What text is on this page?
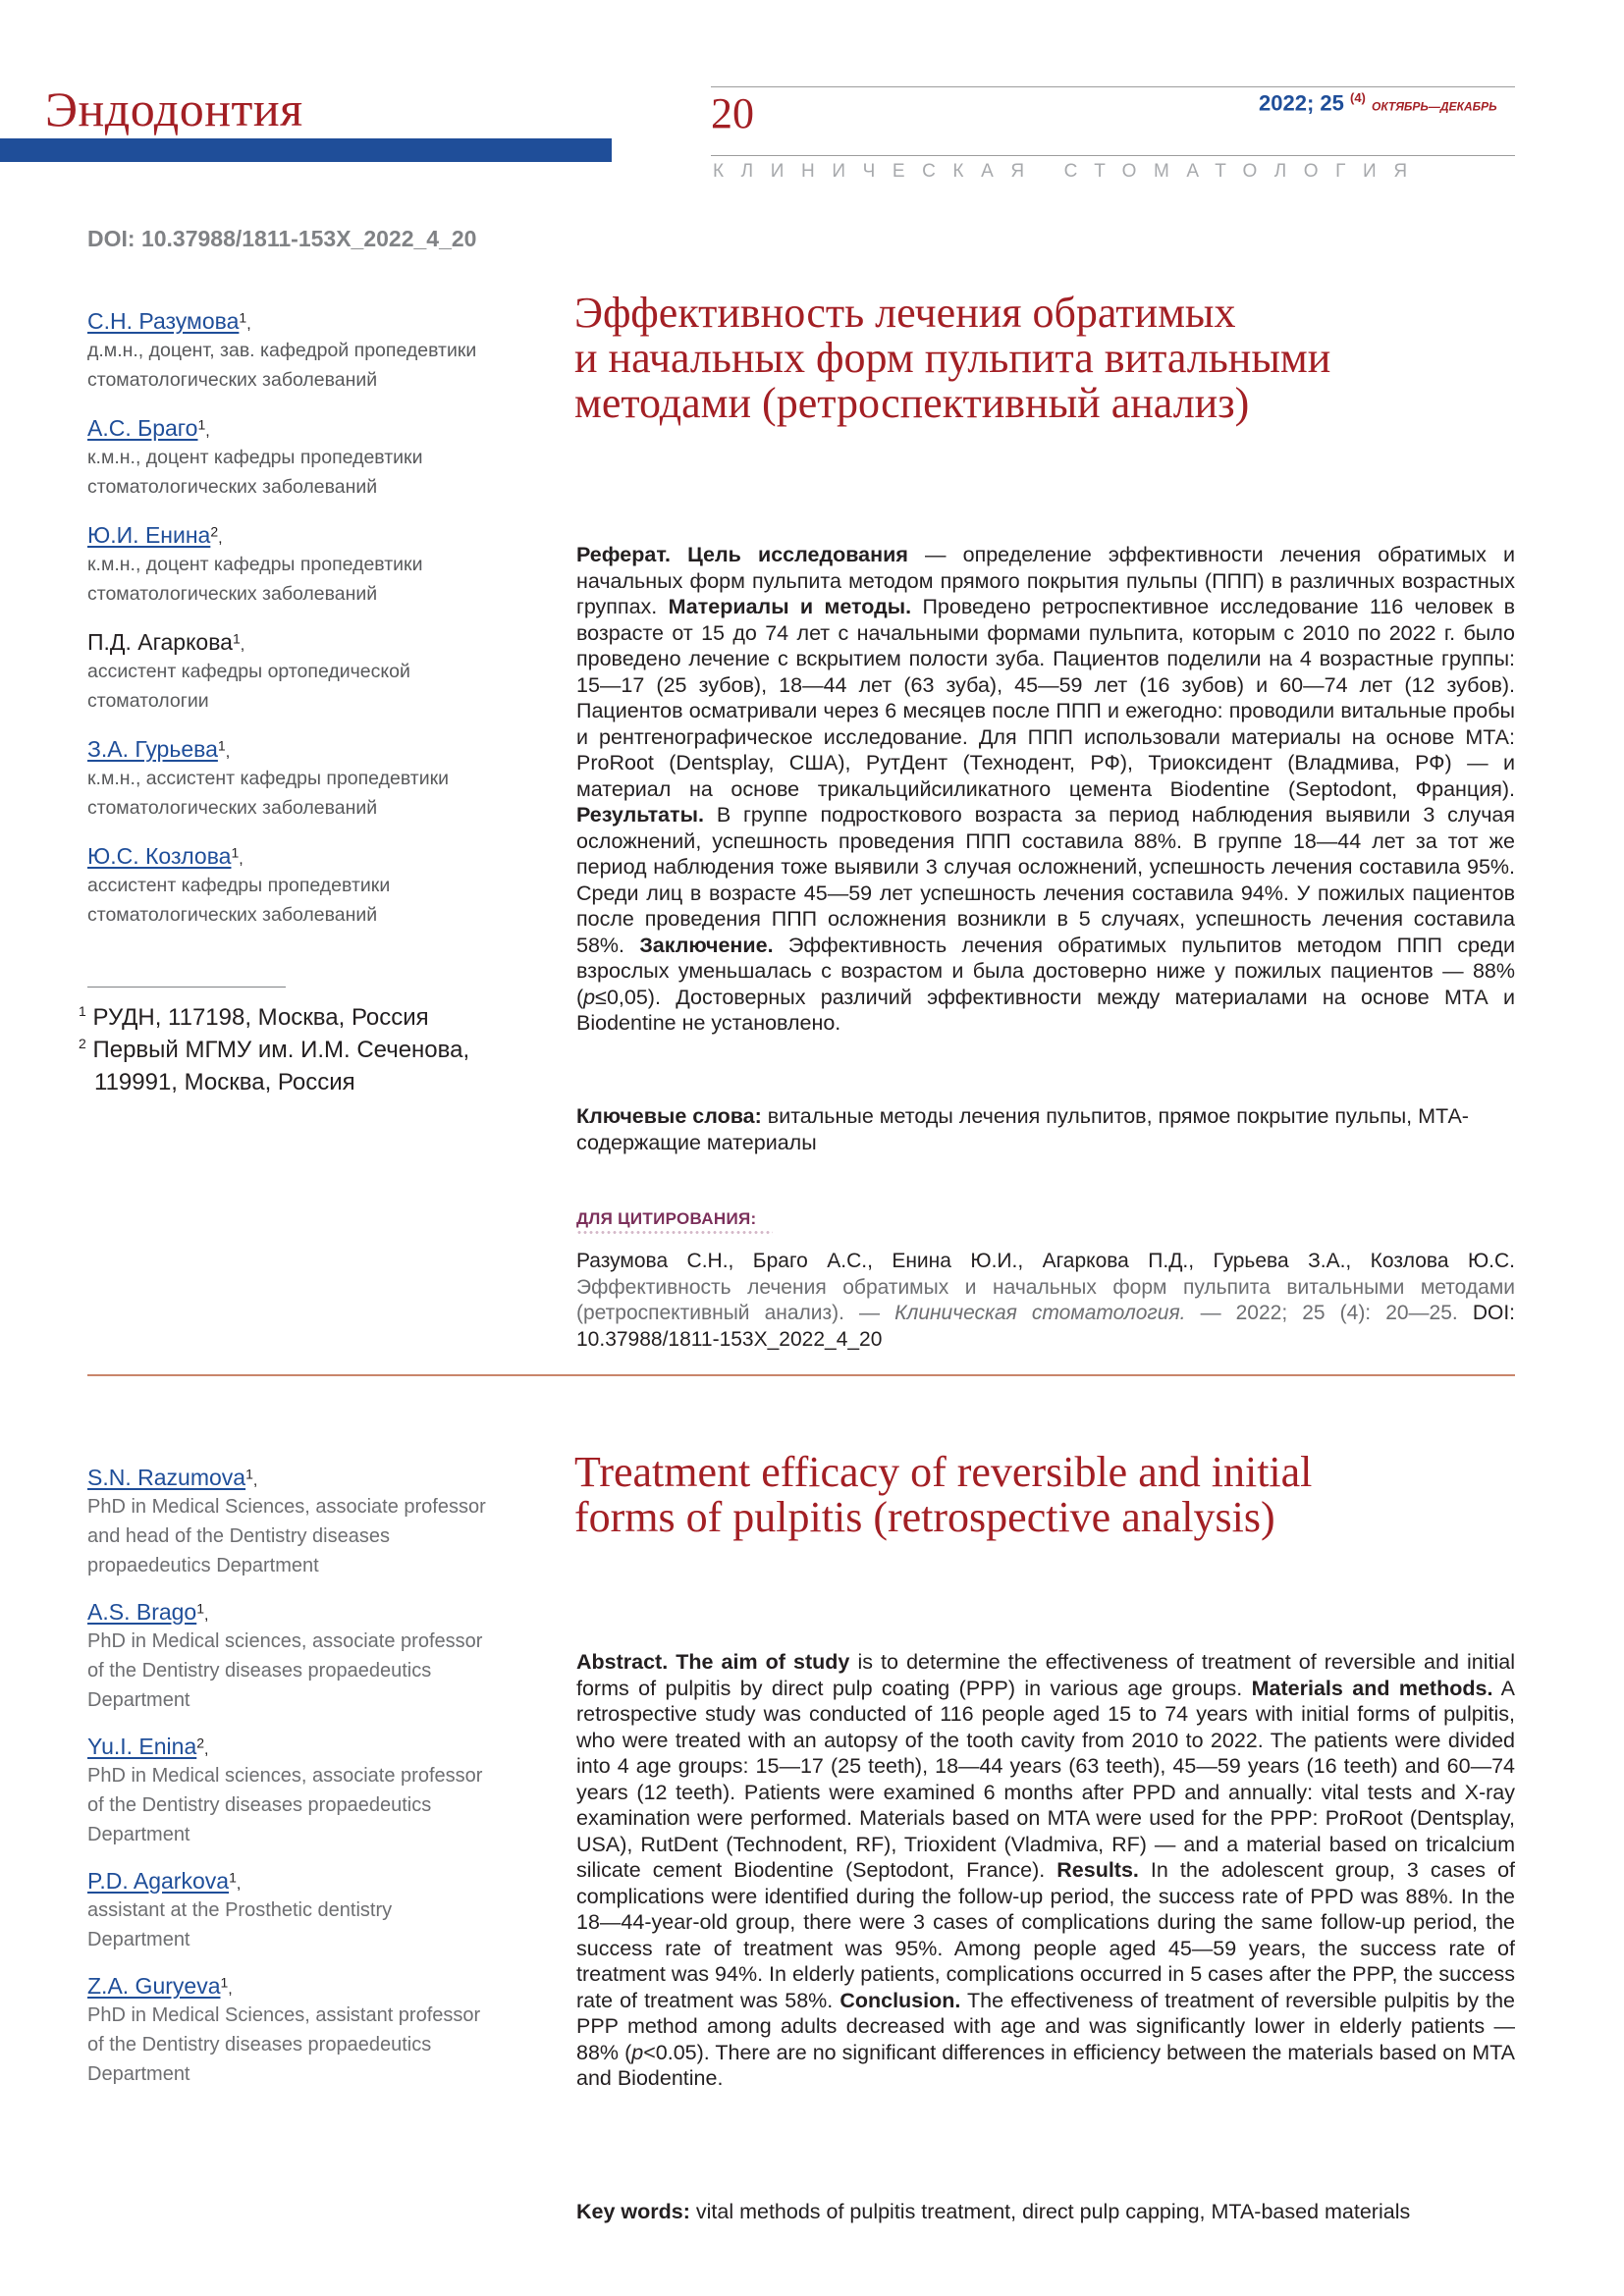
Эндодонтия	20	2022; 25 $^{(4)}$ ОКТЯБРЬ—ДЕКАБРЬ
КЛИНИЧЕСКАЯ СТОМАТОЛОГИЯ
DOI: 10.37988/1811-153X_2022_4_20
С.Н. Разумова1,
д.м.н., доцент, зав. кафедрой пропедевтики
стоматологических заболеваний
А.С. Браго1,
к.м.н., доцент кафедры пропедевтики
стоматологических заболеваний
Ю.И. Енина2,
к.м.н., доцент кафедры пропедевтики
стоматологических заболеваний
П.Д. Агаркова1,
ассистент кафедры ортопедической
стоматологии
З.А. Гурьева1,
к.м.н., ассистент кафедры пропедевтики
стоматологических заболеваний
Ю.С. Козлова1,
ассистент кафедры пропедевтики
стоматологических заболеваний
$^1$ РУДН, 117198, Москва, Россия
$^2$ Первый МГМУ им. И.М. Сеченова,
119991, Москва, Россия
Эффективность лечения обратимых
и начальных форм пульпита витальными
методами (ретроспективный анализ)
Реферат. Цель исследования — определение эффективности лечения обратимых и начальных форм пульпита методом прямого покрытия пульпы (ППП) в различных возрастных группах. Материалы и методы. Проведено ретроспективное исследование 116 человек в возрасте от 15 до 74 лет с начальными формами пульпита, которым с 2010 по 2022 г. было проведено лечение с вскрытием полости зуба. Пациентов поделили на 4 возрастные группы: 15—17 (25 зубов), 18—44 лет (63 зуба), 45—59 лет (16 зубов) и 60—74 лет (12 зубов). Пациентов осматривали через 6 месяцев после ППП и ежегодно: проводили витальные пробы и рентгенографическое исследование. Для ППП использовали материалы на основе МТА: ProRoot (Dentsplay, США), РутДент (Технодент, РФ), Триоксидент (Владмива, РФ) — и материал на основе трикальцийсиликатного цемента Biodentine (Septodont, Франция). Результаты. В группе подросткового возраста за период наблюдения выявили 3 случая осложнений, успешность проведения ППП составила 88%. В группе 18—44 лет за тот же период наблюдения тоже выявили 3 случая осложнений, успешность лечения составила 95%. Среди лиц в возрасте 45—59 лет успешность лечения составила 94%. У пожилых пациентов после проведения ППП осложнения возникли в 5 случаях, успешность лечения составила 58%. Заключение. Эффективность лечения обратимых пульпитов методом ППП среди взрослых уменьшалась с возрастом и была достоверно ниже у пожилых пациентов — 88% (p≤0,05). Достоверных различий эффективности между материалами на основе МТА и Biodentine не установлено.
Ключевые слова: витальные методы лечения пульпитов, прямое покрытие пульпы, МТА-содержащие материалы
ДЛЯ ЦИТИРОВАНИЯ:
Разумова С.Н., Браго А.С., Енина Ю.И., Агаркова П.Д., Гурьева З.А., Козлова Ю.С. Эффективность лечения обратимых и начальных форм пульпита витальными методами (ретроспективный анализ). — Клиническая стоматология. — 2022; 25 (4): 20—25. DOI: 10.37988/1811-153X_2022_4_20
S.N. Razumova1,
PhD in Medical Sciences, associate professor
and head of the Dentistry diseases
propaedeutics Department
A.S. Brago1,
PhD in Medical sciences, associate professor
of the Dentistry diseases propaedeutics
Department
Yu.I. Enina2,
PhD in Medical sciences, associate professor
of the Dentistry diseases propaedeutics
Department
P.D. Agarkova1,
assistant at the Prosthetic dentistry
Department
Z.A. Guryeva1,
PhD in Medical Sciences, assistant professor
of the Dentistry diseases propaedeutics
Department
Treatment efficacy of reversible and initial
forms of pulpitis (retrospective analysis)
Abstract. The aim of study is to determine the effectiveness of treatment of reversible and initial forms of pulpitis by direct pulp coating (PPP) in various age groups. Materials and methods. A retrospective study was conducted of 116 people aged 15 to 74 years with initial forms of pulpitis, who were treated with an autopsy of the tooth cavity from 2010 to 2022. The patients were divided into 4 age groups: 15—17 (25 teeth), 18—44 years (63 teeth), 45—59 years (16 teeth) and 60—74 years (12 teeth). Patients were examined 6 months after PPD and annually: vital tests and X-ray examination were performed. Materials based on MTA were used for the PPP: ProRoot (Dentsplay, USA), RutDent (Technodent, RF), Trioxident (Vladmiva, RF) — and a material based on tricalcium silicate cement Biodentine (Septodont, France). Results. In the adolescent group, 3 cases of complications were identified during the follow-up period, the success rate of PPD was 88%. In the 18—44-year-old group, there were 3 cases of complications during the same follow-up period, the success rate of treatment was 95%. Among people aged 45—59 years, the success rate of treatment was 94%. In elderly patients, complications occurred in 5 cases after the PPP, the success rate of treatment was 58%. Conclusion. The effectiveness of treatment of reversible pulpitis by the PPP method among adults decreased with age and was significantly lower in elderly patients — 88% (p<0.05). There are no significant differences in efficiency between the materials based on MTA and Biodentine.
Key words: vital methods of pulpitis treatment, direct pulp capping, MTA-based materials
